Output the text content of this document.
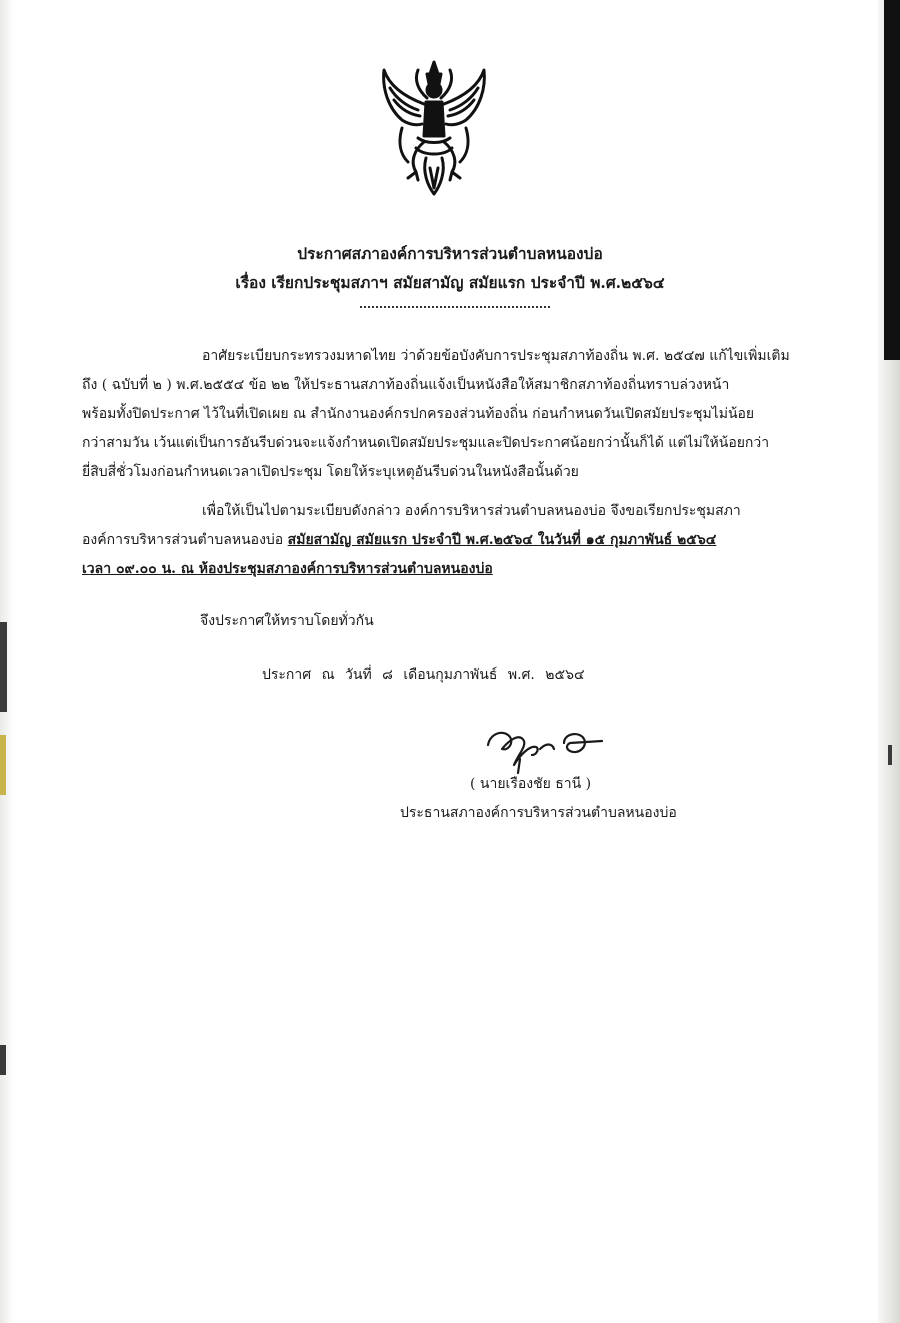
ประกาศสภาองค์การบริหารส่วนตำบลหนองบ่อ
เรื่อง เรียกประชุมสภาฯ สมัยสามัญ สมัยแรก ประจำปี พ.ศ.๒๕๖๔
อาศัยระเบียบกระทรวงมหาดไทย ว่าด้วยข้อบังคับการประชุมสภาท้องถิ่น พ.ศ. ๒๕๔๗ แก้ไขเพิ่มเติม
ถึง ( ฉบับที่ ๒ ) พ.ศ.๒๕๕๔ ข้อ ๒๒ ให้ประธานสภาท้องถิ่นแจ้งเป็นหนังสือให้สมาชิกสภาท้องถิ่นทราบล่วงหน้า
พร้อมทั้งปิดประกาศ ไว้ในที่เปิดเผย ณ สำนักงานองค์กรปกครองส่วนท้องถิ่น ก่อนกำหนดวันเปิดสมัยประชุมไม่น้อย
กว่าสามวัน เว้นแต่เป็นการอันรีบด่วนจะแจ้งกำหนดเปิดสมัยประชุมและปิดประกาศน้อยกว่านั้นก็ได้ แต่ไม่ให้น้อยกว่า
ยี่สิบสี่ชั่วโมงก่อนกำหนดเวลาเปิดประชุม โดยให้ระบุเหตุอันรีบด่วนในหนังสือนั้นด้วย
เพื่อให้เป็นไปตามระเบียบดังกล่าว องค์การบริหารส่วนตำบลหนองบ่อ จึงขอเรียกประชุมสภา
องค์การบริหารส่วนตำบลหนองบ่อ สมัยสามัญ สมัยแรก ประจำปี พ.ศ.๒๕๖๔ ในวันที่ ๑๕ กุมภาพันธ์ ๒๕๖๔
เวลา ๐๙.๐๐ น. ณ ห้องประชุมสภาองค์การบริหารส่วนตำบลหนองบ่อ
จึงประกาศให้ทราบโดยทั่วกัน
ประกาศ ณ วันที่ ๘ เดือนกุมภาพันธ์ พ.ศ. ๒๕๖๔
( นายเรืองชัย ธานี )
ประธานสภาองค์การบริหารส่วนตำบลหนองบ่อ
